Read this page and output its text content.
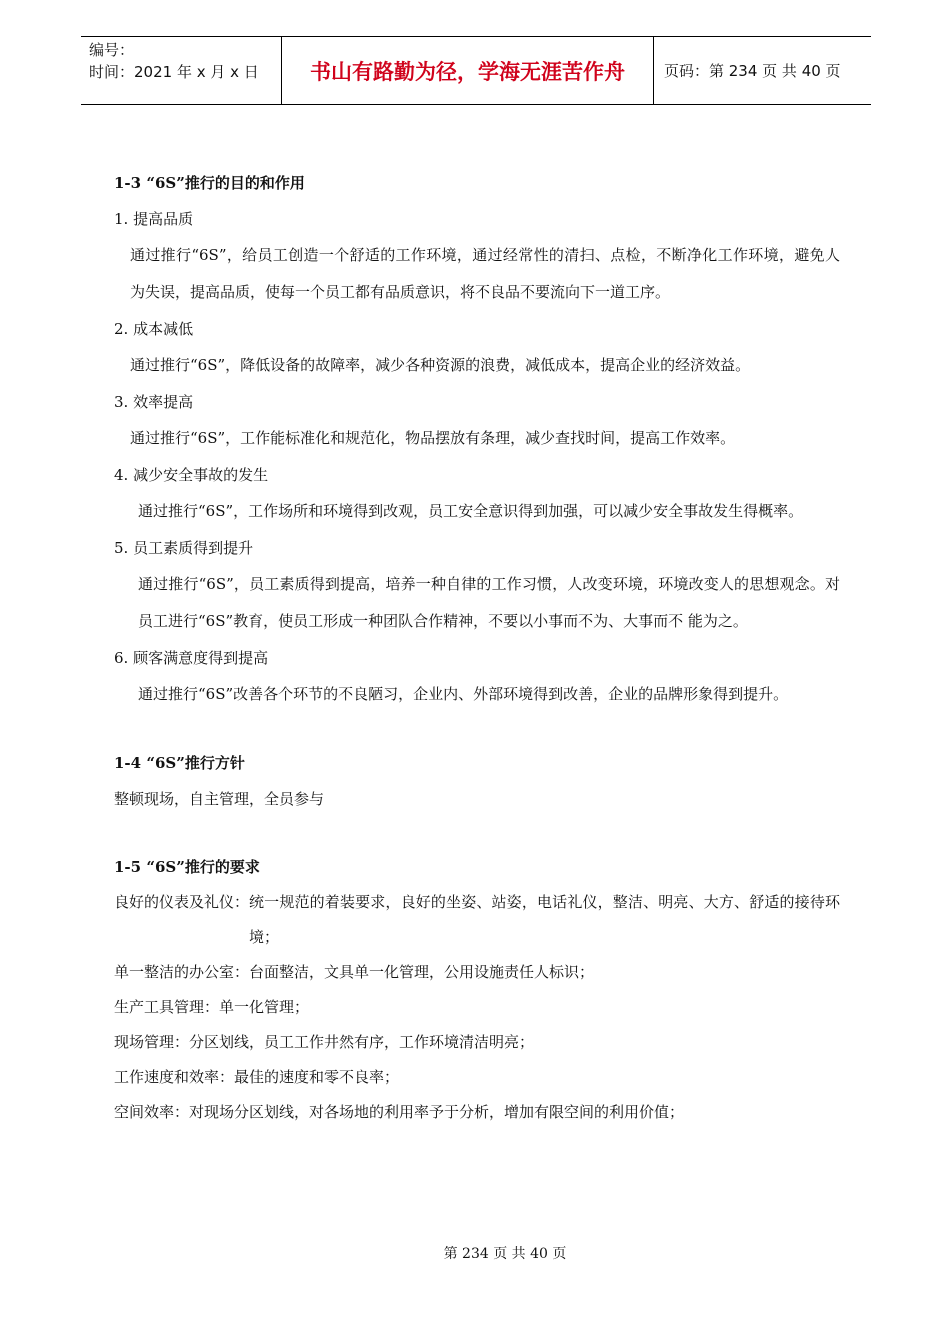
编号：
时间：2021 年 x 月 x 日	书山有路勤为径，学海无涯苦作舟	页码：第 234 页 共 40 页
1-3 “6S”推行的目的和作用
1. 提高品质
通过推行“6S”，给员工创造一个舒适的工作环境，通过经常性的清扫、点检，不断净化工作环境，避免人为失误，提高品质，使每一个员工都有品质意识，将不良品不要流向下一道工序。
2. 成本减低
通过推行“6S”，降低设备的故障率，减少各种资源的浪费，减低成本，提高企业的经济效益。
3. 效率提高
通过推行“6S”，工作能标准化和规范化，物品摆放有条理，减少查找时间，提高工作效率。
4. 减少安全事故的发生
通过推行“6S”，工作场所和环境得到改观，员工安全意识得到加强，可以减少安全事故发生得概率。
5. 员工素质得到提升
通过推行“6S”，员工素质得到提高，培养一种自律的工作习惯，人改变环境，环境改变人的思想观念。对员工进行“6S”教育，使员工形成一种团队合作精神，不要以小事而不为、大事而不 能为之。
6. 顾客满意度得到提高
通过推行“6S”改善各个环节的不良陋习，企业内、外部环境得到改善，企业的品牌形象得到提升。
1-4 “6S”推行方针
整顿现场，自主管理，全员参与
1-5 “6S”推行的要求
良好的仪表及礼仪： 统一规范的着装要求，良好的坐姿、站姿，电话礼仪，整洁、明亮、大方、舒适的接待环境；
单一整洁的办公室： 台面整洁，文具单一化管理，公用设施责任人标识；
生产工具管理： 单一化管理；
现场管理： 分区划线，员工工作井然有序，工作环境清洁明亮；
工作速度和效率： 最佳的速度和零不良率；
空间效率： 对现场分区划线，对各场地的利用率予于分析，增加有限空间的利用价值；
第 234 页 共 40 页
